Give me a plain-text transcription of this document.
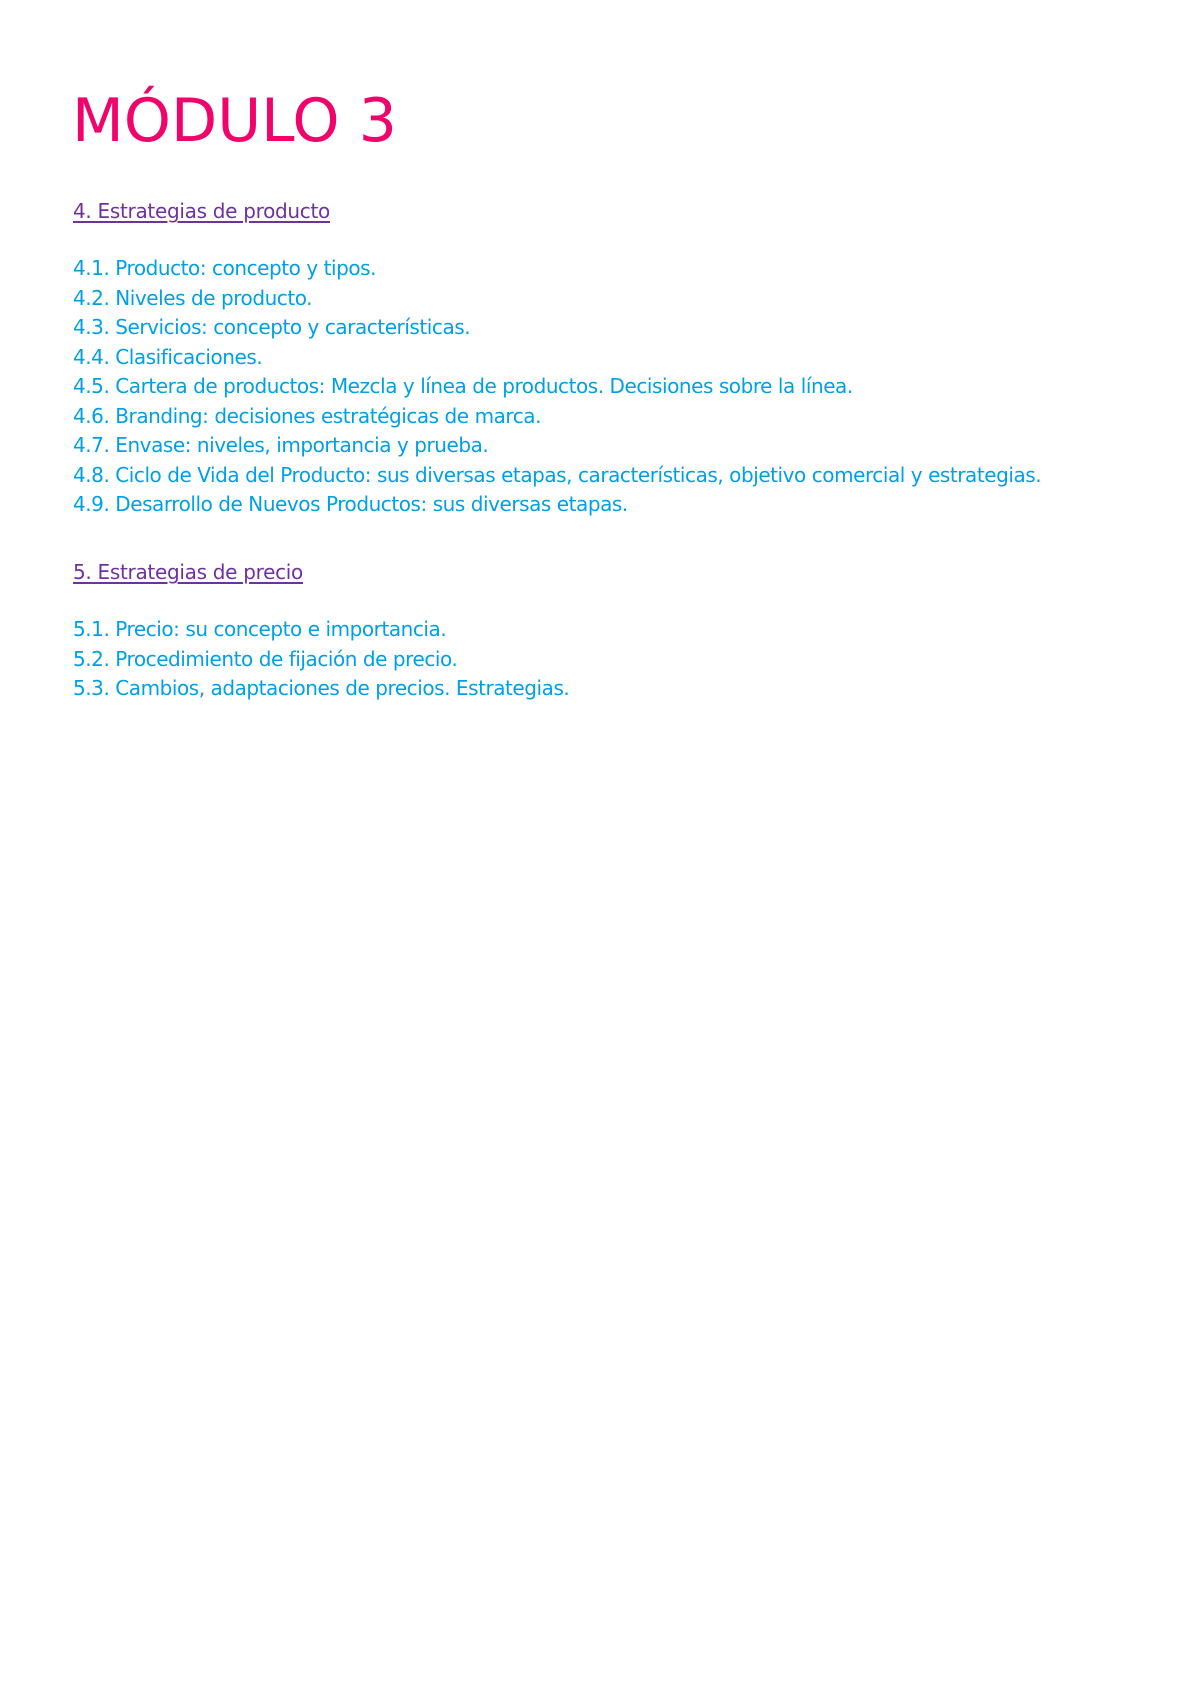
MÓDULO 3
4. Estrategias de producto
4.1. Producto: concepto y tipos.
4.2. Niveles de producto.
4.3. Servicios: concepto y características.
4.4. Clasificaciones.
4.5. Cartera de productos: Mezcla y línea de productos. Decisiones sobre la línea.
4.6. Branding: decisiones estratégicas de marca.
4.7. Envase: niveles, importancia y prueba.
4.8. Ciclo de Vida del Producto: sus diversas etapas, características, objetivo comercial y estrategias.
4.9. Desarrollo de Nuevos Productos: sus diversas etapas.
5. Estrategias de precio
5.1. Precio: su concepto e importancia.
5.2. Procedimiento de fijación de precio.
5.3. Cambios, adaptaciones de precios. Estrategias.
